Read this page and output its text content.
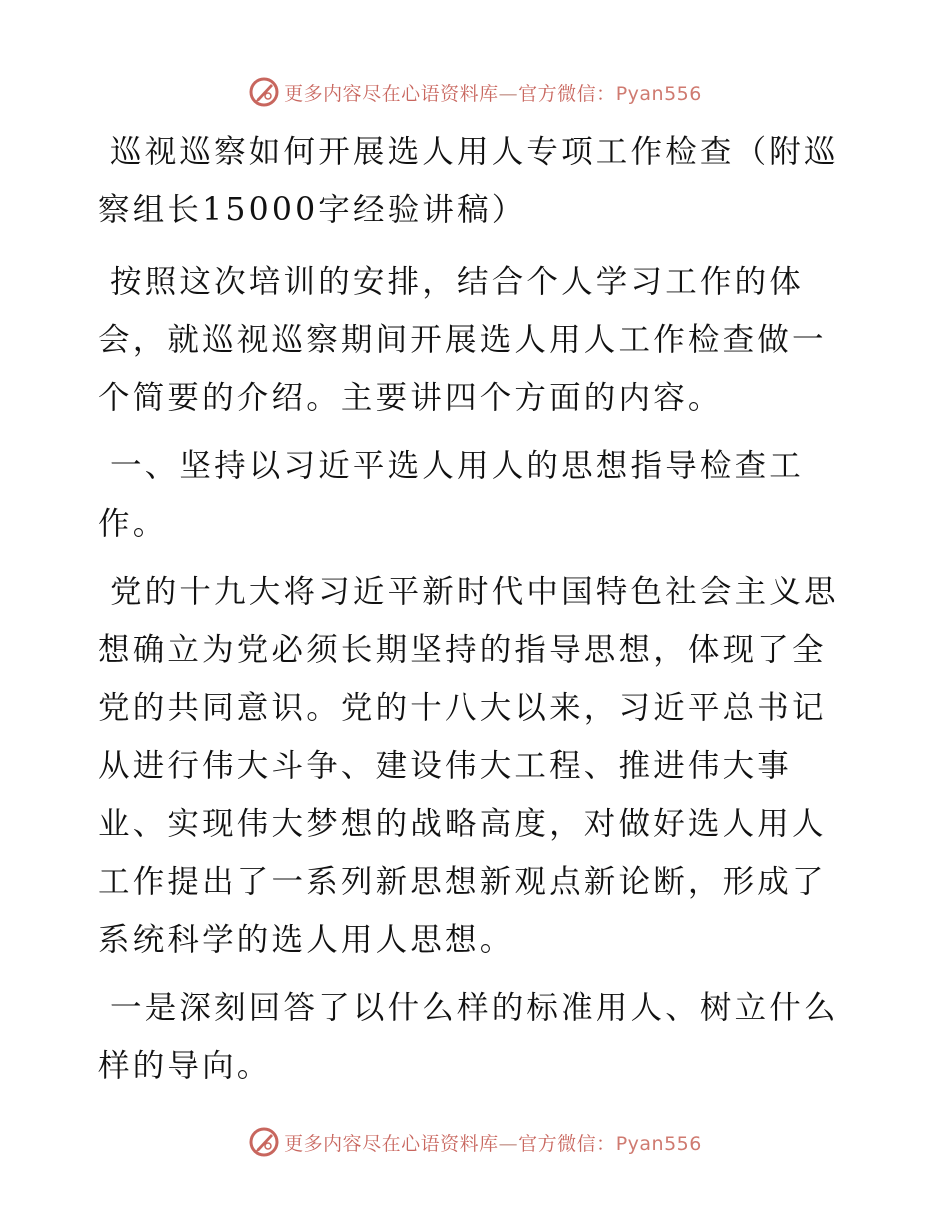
更多内容尽在心语资料库—官方微信：Pyan556

巡视巡察如何开展选人用人专项工作检查（附巡察组长15000字经验讲稿）

按照这次培训的安排，结合个人学习工作的体会，就巡视巡察期间开展选人用人工作检查做一个简要的介绍。主要讲四个方面的内容。

一、坚持以习近平选人用人的思想指导检查工作。

党的十九大将习近平新时代中国特色社会主义思想确立为党必须长期坚持的指导思想，体现了全党的共同意识。党的十八大以来，习近平总书记从进行伟大斗争、建设伟大工程、推进伟大事业、实现伟大梦想的战略高度，对做好选人用人工作提出了一系列新思想新观点新论断，形成了系统科学的选人用人思想。

一是深刻回答了以什么样的标准用人、树立什么样的导向。

更多内容尽在心语资料库—官方微信：Pyan556
